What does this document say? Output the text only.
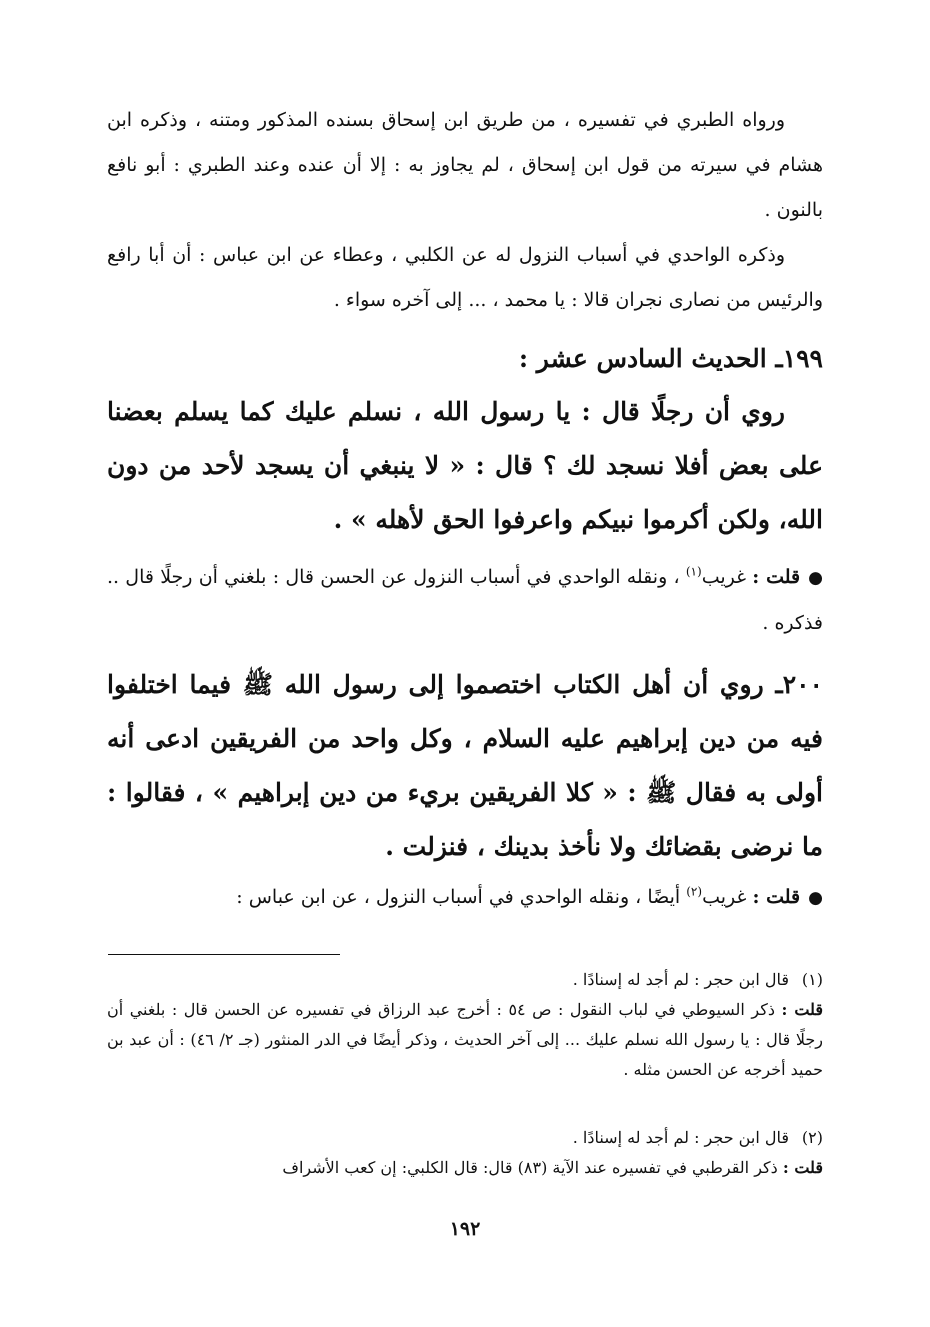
ورواه الطبري في تفسيره ، من طريق ابن إسحاق بسنده المذكور ومتنه ، وذكره ابن هشام في سيرته من قول ابن إسحاق ، لم يجاوز به : إلا أن عنده وعند الطبري : أبو نافع بالنون .

وذكره الواحدي في أسباب النزول له عن الكلبي ، وعطاء عن ابن عباس : أن أبا رافع والرئيس من نصارى نجران قالا : يا محمد ، ... إلى آخره سواء .

١٩٩ـ الحديث السادس عشر :

روي أن رجلًا قال : يا رسول الله ، نسلم عليك كما يسلم بعضنا على بعض أفلا نسجد لك ؟ قال : « لا ينبغي أن يسجد لأحد من دون الله، ولكن أكرموا نبيكم واعرفوا الحق لأهله » .

●قلت : غريب$^{(١)}$ ، ونقله الواحدي في أسباب النزول عن الحسن قال : بلغني أن رجلًا قال .. فذكره .

٢٠٠ـ روي أن أهل الكتاب اختصموا إلى رسول الله ﷺ فيما اختلفوا فيه من دين إبراهيم عليه السلام ، وكل واحد من الفريقين ادعى أنه أولى به فقال ﷺ : « كلا الفريقين بريء من دين إبراهيم » ، فقالوا : ما نرضى بقضائك ولا نأخذ بدينك ، فنزلت .

●قلت : غريب$^{(٢)}$ أيضًا ، ونقله الواحدي في أسباب النزول ، عن ابن عباس :

(١)
قال ابن حجر : لم أجد له إسنادًا .
قلت : ذكر السيوطي في لباب النقول : ص ٥٤ : أخرج عبد الرزاق في تفسيره عن الحسن قال : بلغني أن رجلًا قال : يا رسول الله نسلم عليك ... إلى آخر الحديث ، وذكر أيضًا في الدر المنثور (جـ ٢/ ٤٦) : أن عبد بن حميد أخرجه عن الحسن مثله .
(٢)
قال ابن حجر : لم أجد له إسنادًا .
قلت : ذكر القرطبي في تفسيره عند الآية (٨٣) قال: قال الكلبي: إن كعب الأشراف
١٩٢
